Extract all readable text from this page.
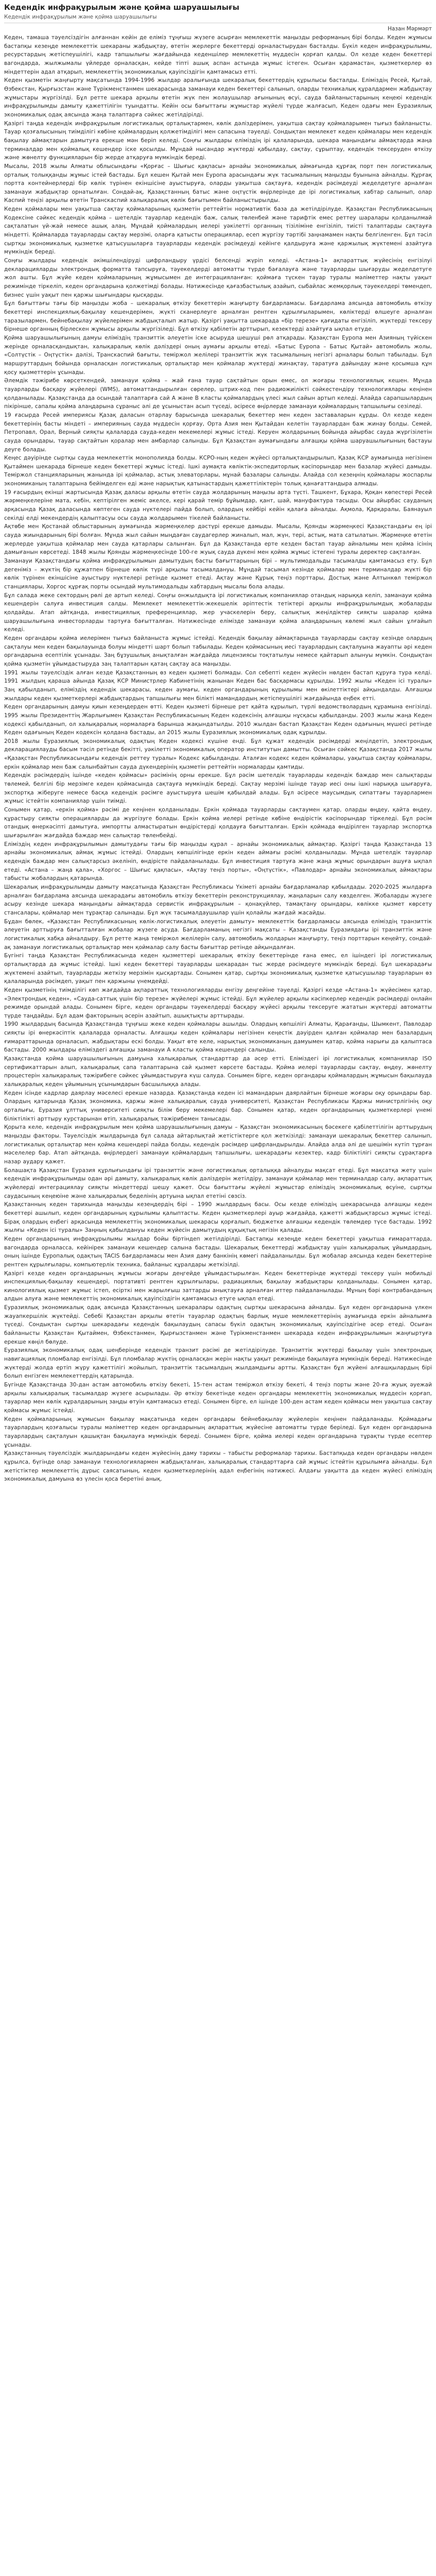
Кедендік инфрақұрылым және қойма шаруашылығы
Кедендік инфрақұрылым және қойма шаруашылығы
Назан Мәрмәрт

Кеден, тамаша тәуелсіздігін алғаннан кейін де еліміз тұңғыш жүзегe асырған мемлекеттік маңызды реформаның бірі болды. Кеден жұмысы бастапқы кезеңде мемлекеттік шекараны жабдықтау, өтетін жерлерге бекеттерді орналастырудан басталды. Бүкіл кеден инфрақұрылымы, ресурстардың жетіспеушілігі, кадр тапшылығы жағдайында кеденшілер мемлекеттің мүддесін қорғап қалды. Ол кезде кеден бекеттері вагондарда, жылжымалы үйлерде орналасқан, кейде тіпті ашық аспан астында жұмыс істеген. Осыған қарамастан, қызметкерлер өз міндеттерін адал атқарып, мемлекеттің экономикалық қауіпсіздігін қамтамасыз етті.

Кеден қызметін жаңғырту мақсатында 1994-1996 жылдар аралығында шекаралық бекеттердің құрылысы басталды. Еліміздің Ресей, Қытай, Өзбекстан, Қырғызстан және Түрікменстанмен шекарасында заманауи кеден бекеттері салынып, оларды техникалық құралдармен жабдықтау жұмыстары жүргізілді. Бұл ретте шекара арқылы өтетін жүк пен жолаушылар ағынының өсуі, сауда байланыстарының кеңеюі кедендік инфрақұрылымды дамыту қажеттілігін туындатты. Кейін осы бағыттағы жұмыстар жүйелі түрде жалғасып, Кеден одағы мен Еуразиялық экономикалық одақ аясында жаңа талаптарға сәйкес жетілдірілді.

Қазіргі таңда кедендік инфрақұрылым логистикалық орталықтармен, көлік дәліздерімен, уақытша сақтау қоймаларымен тығыз байланысты. Тауар қозғалысының тиімділігі көбіне қоймалардың қолжетімділігі мен сапасына тәуелді. Сондықтан мемлекет кеден қоймалары мен кедендік бақылау аймақтарын дамытуға ерекше мән беріп келеді. Соңғы жылдары еліміздің ірі қалаларында, шекара маңындағы аймақтарда жаңа терминалдар мен қоймалық кешендер іске қосылды. Мұндай нысандар жүктерді қабылдау, сақтау, сұрыптау, кедендік тексеруден өткізу және жөнелту функцияларын бір жерде атқаруға мүмкіндік береді.

Мысалы, 2018 жылы Алматы облысындағы «Қорғас – Шығыс қақпасы» арнайы экономикалық аймағында құрғақ порт пен логистикалық орталық толыққанды жұмыс істей бастады. Бұл кешен Қытай мен Еуропа арасындағы жүк тасымалының маңызды буынына айналды. Құрғақ портта контейнерлерді бір көлік түрінен екіншісіне ауыстыруға, оларды уақытша сақтауға, кедендік рәсімдеуді жеделдетуге арналған заманауи жабдықтар орнатылған. Сондай-ақ, Қазақстанның батыс және оңтүстік өңірлерінде де ірі логистикалық хабтар салынып, олар Каспий теңізі арқылы өтетін Транскаспий халықаралық көлік бағытымен байланыстырылды.

Кеден қоймалары мен уақытша сақтау қоймаларының қызметін реттейтін нормативтік база да жетілдірілуде. Қазақстан Республикасының Кодексіне сәйкес кедендік қойма – шетелдік тауарлар кедендік баж, салық төленбей және тарифтік емес реттеу шаралары қолданылмай сақталатын үй-жай немесе ашық алаң. Мұндай қоймалардың иелері уәкілетті органның тізіліміне енгізіліп, тиісті талаптарды сақтауға міндетті. Қоймаларда тауарларды сақтау мерзімі, оларға қатысты операциялар, есеп жүргізу тәртібі заңнамамен нақты белгіленген. Бұл тәсіл сыртқы экономикалық қызметке қатысушыларға тауарларды кедендік рәсімдеуді кейінге қалдыруға және қаржылық жүктемені азайтуға мүмкіндік береді.

Соңғы жылдары кедендік әкімшілендіруді цифрландыру үрдісі белсенді жүріп келеді. «Астана-1» ақпараттық жүйесінің енгізілуі декларацияларды электрондық форматта тапсыруға, тәуекелдерді автоматты түрде бағалауға және тауарларды шығаруды жеделдетуге жол ашты. Бұл жүйе кеден қоймаларының жұмысымен де интеграцияланған: қоймаға түскен тауар туралы мәліметтер нақты уақыт режимінде тіркеліп, кеден органдарына қолжетімді болады. Нәтижесінде қағазбастылық азайып, сыбайлас жемқорлық тәуекелдері төмендеп, бизнес үшін уақыт пен қаржы шығындары қысқарды.

Бұл бағыттағы тағы бір маңызды жоба – шекаралық өткізу бекеттерін жаңғырту бағдарламасы. Бағдарлама аясында автомобиль өткізу бекеттері инспекциялық-бақылау кешендерімен, жүкті сканерлеуге арналған рентген құрылғыларымен, көліктерді өлшеуге арналған таразылармен, бейнебақылау жүйелерімен жабдықталып жатыр. Қазіргі уақытта шекарада «бір терезе» қағидаты енгізіліп, жүктерді тексеру бірнеше органның бірлескен жұмысы арқылы жүргізіледі. Бұл өткізу қабілетін арттырып, кезектерді азайтуға ықпал етуде.

Қойма шаруашылығының дамуы еліміздің транзиттік әлеуетін іске асыруда шешуші рөл атқарады. Қазақстан Еуропа мен Азияның түйіскен жерінде орналасқандықтан, халықаралық көлік дәліздері оның аумағы арқылы өтеді. «Батыс Еуропа – Батыс Қытай» автомобиль жолы, «Солтүстік – Оңтүстік» дәлізі, Транскаспий бағыты, теміржол желілері транзиттік жүк тасымалының негізгі арналары болып табылады. Бұл маршруттардың бойында орналасқан логистикалық орталықтар мен қоймалар жүктерді жинақтау, таратуға дайындау және қосымша құн қосу қызметтерін ұсынады.

Әлемдік тәжірибе көрсеткендей, заманауи қойма – жай ғана тауар сақтайтын орын емес, ол жоғары технологиялық кешен. Мұнда тауарларды басқару жүйелері (WMS), автоматтандырылған сөрелер, штрих-код пен радиожиілікті сәйкестендіру технологиялары кеңінен қолданылады. Қазақстанда да осындай талаптарға сай А және В класты қоймалардың үлесі жыл сайын артып келеді. Алайда сарапшылардың пікірінше, сапалы қойма алаңдарына сұраныс әлі де ұсыныстан асып түседі, әсіресе өңірлерде заманауи қоймалардың тапшылығы сезіледі.

19 ғасырда Ресей империясы Қазақ даласын отарлау барысында шекаралық бекеттер мен кеден заставаларын құрды. Ол кезде кеден бекеттерінің басты міндеті – империяның сауда мүддесін қорғау, Орта Азия мен Қытайдан келетін тауарлардан баж жинау болды. Семей, Петропавл, Орал, Верный сияқты қалаларда сауда-кеден мекемелері жұмыс істеді. Керуен жолдарының бойында айырбас сауда жүргізілетін сауда орындары, тауар сақтайтын қоралар мен амбарлар салынды. Бұл Қазақстан аумағындағы алғашқы қойма шаруашылығының бастауы деуге болады.

Кеңес дәуірінде сыртқы сауда мемлекеттік монополияда болды. КСРО-ның кеден жүйесі орталықтандырылып, Қазақ КСР аумағында негізінен Қытаймен шекарада бірнеше кеден бекеттері жұмыс істеді. Ішкі аумақта көліктік-экспедиторлық кәсіпорындар мен базалар жүйесі дамыды. Теміржол станцияларының жанында ірі қоймалар, астық элеваторлары, мұнай базалары салынды. Алайда сол кезеңнің қоймалары жоспарлы экономиканың талаптарына бейімделген еді және нарықтық қатынастардың қажеттіліктерін толық қанағаттандыра алмады.

19 ғасырдың екінші жартысында Қазақ даласы арқылы өтетін сауда жолдарының маңызы арта түсті. Ташкент, Бұхара, Қоқан көпестері Ресей жәрмеңкелеріне мата, кебін, кептірілген жеміс әкелсе, кері қарай темір бұйымдар, қант, шай, мануфактура тасыды. Осы айырбас сауданың арқасында Қазақ даласында көптеген сауда нүктелері пайда болып, олардың кейбірі кейін қалаға айналды. Ақмола, Қарқаралы, Баянауыл секілді елді мекендердің қалыптасуы осы сауда жолдарымен тікелей байланысты.

Ақтөбе мен Қостанай облыстарының аумағында жәрмеңкелер дәстүрі ерекше дамыды. Мысалы, Қоянды жәрмеңкесі Қазақстандағы ең ірі сауда жиындарының бірі болған. Мұнда жыл сайын мыңдаған саудагерлер жиналып, мал, жүн, тері, астық, мата сатылатын. Жәрмеңке өтетін жерлерде уақытша қоймалар мен сауда қатарлары салынған. Бұл да Қазақстанда ерте кезден бастап тауар айналымы мен қойма ісінің дамығанын көрсетеді. 1848 жылы Қоянды жәрмеңкесінде 100-ге жуық сауда дүкені мен қойма жұмыс істегені туралы деректер сақталған.

Заманауи Қазақстандағы қойма инфрақұрылымын дамытудың басты бағыттарының бірі – мультимодальды тасымалды қамтамасыз ету. Бұл дегеніміз – жүктің бір құжатпен бірнеше көлік түрі арқылы тасымалдануы. Мұндай тасымал кезінде қоймалар мен терминалдар жүкті бір көлік түрінен екіншісіне ауыстыру нүктелері ретінде қызмет етеді. Ақтау және Құрық теңіз порттары, Достық және Алтынкөл теміржол станциялары, Хоргос құрғақ порты осындай мультимодальды хабтардың мысалы бола алады.

Бұл салада жеке сектордың рөлі де артып келеді. Соңғы онжылдықта ірі логистикалық компаниялар отандық нарыққа келіп, заманауи қойма кешендерін салуға инвестиция салды. Мемлекет мемлекеттік-жекешелік әріптестік тетіктері арқылы инфрақұрылымдық жобаларды қолдайды. Атап айтқанда, инвестициялық преференциялар, жер учаскелерін беру, салықтық жеңілдіктер сияқты шаралар қойма шаруашылығына инвесторларды тартуға бағытталған. Нәтижесінде елімізде заманауи қойма алаңдарының көлемі жыл сайын ұлғайып келеді.

Кеден органдары қойма иелерімен тығыз байланыста жұмыс істейді. Кедендік бақылау аймақтарында тауарларды сақтау кезінде олардың сақталуы мен кеден бақылауында болуы міндетті шарт болып табылады. Кеден қоймасының иесі тауарлардың сақталуына жауапты әрі кеден органдарына есептілік ұсынады. Заң бұзушылық анықталған жағдайда лицензиясы тоқтатылуы немесе қайтарып алынуы мүмкін. Сондықтан қойма қызметін ұйымдастыруда заң талаптарын қатаң сақтау аса маңызды.

1991 жылы тәуелсіздік алған кезде Қазақстанның өз кеден қызметі болмады. Сол себепті кеден жүйесін нөлден бастап құруға тура келді. 1991 жылдың қараша айында Қазақ КСР Министрлер Кабинетінің жанынан Кеден бас басқармасы құрылды. 1992 жылы «Кеден ісі туралы» Заң қабылданып, еліміздің кедендік шекарасы, кеден аумағы, кеден органдарының құрылымы мен өкілеттіктері айқындалды. Алғашқы жылдары кеден қызметкерлері жабдықтардың тапшылығы мен білікті мамандардың жетіспеушілігі жағдайында еңбек етті.

Кеден органдарының дамуы қиын кезеңдерден өтті. Кеден қызметі бірнеше рет қайта құрылып, түрлі ведомстволардың құрамына енгізілді. 1995 жылы Президенттің Жарлығымен Қазақстан Республикасының Кеден кодексінің алғашқы нұсқасы қабылданды. 2003 жылы жаңа Кеден кодексі қабылданып, ол халықаралық нормаларға барынша жақындатылды. 2010 жылдан бастап Қазақстан Кеден одағының мүшесі ретінде Кеден одағының Кеден кодексін қолдана бастады, ал 2015 жылы Еуразиялық экономикалық одақ құрылды.

2018 жылы Еуразиялық экономикалық одақтың Кеден кодексі күшіне енді. Бұл құжат кедендік рәсімдерді жеңілдетіп, электрондық декларациялауды басым тәсіл ретінде бекітті, уәкілетті экономикалық оператор институтын дамытты. Осыған сәйкес Қазақстанда 2017 жылы «Қазақстан Республикасындағы кедендік реттеу туралы» Кодекс қабылданды. Аталған кодекс кеден қоймалары, уақытша сақтау қоймалары, еркін қоймалар мен баж салынбайтын сауда дүкендерінің қызметін реттейтін нормаларды қамтиды.

Кедендік рәсімдердің ішінде «кеден қоймасы» рәсімінің орны ерекше. Бұл рәсім шетелдік тауарларды кедендік баждар мен салықтарды төлемей, белгілі бір мерзімге кеден қоймасында сақтауға мүмкіндік береді. Сақтау мерзімі ішінде тауар иесі оны ішкі нарыққа шығаруға, экспортқа жіберуге немесе басқа кедендік рәсімге ауыстыруға шешім қабылдай алады. Бұл әсіресе маусымдық сипаттағы тауарлармен жұмыс істейтін компаниялар үшін тиімді.

Сонымен қатар, «еркін қойма» рәсімі де кеңінен қолданылады. Еркін қоймада тауарларды сақтаумен қатар, оларды өңдеу, қайта өңдеу, құрастыру сияқты операцияларды да жүргізуге болады. Еркін қойма иелері ретінде көбіне өндірістік кәсіпорындар тіркеледі. Бұл рәсім отандық өнеркәсіпті дамытуға, импортты алмастыратын өндірістерді қолдауға бағытталған. Еркін қоймада өндірілген тауарлар экспортқа шығарылған жағдайда баждар мен салықтар төленбейді.

Еліміздің кеден инфрақұрылымын дамытудағы тағы бір маңызды құрал – арнайы экономикалық аймақтар. Қазіргі таңда Қазақстанда 13 арнайы экономикалық аймақ жұмыс істейді. Олардың көпшілігінде еркін кеден аймағы рәсімі қолданылады. Мұнда шетелдік тауарлар кедендік баждар мен салықтарсыз әкелініп, өндірісте пайдаланылады. Бұл инвестиция тартуға және жаңа жұмыс орындарын ашуға ықпал етеді. «Астана – жаңа қала», «Хоргос – Шығыс қақпасы», «Ақтау теңіз порты», «Оңтүстік», «Павлодар» арнайы экономикалық аймақтары табысты жобалардың қатарында.

Шекаралық инфрақұрылымды дамыту мақсатында Қазақстан Республикасы Үкіметі арнайы бағдарламалар қабылдады. 2020-2025 жылдарға арналған бағдарлама аясында шекарадағы автомобиль өткізу бекеттерін реконструкциялау, жаңаларын салу көзделген. Жобаларды жүзеге асыру кезінде шекара маңындағы аймақтарда сервистік инфрақұрылым – қонақүйлер, тамақтану орындары, көлікке қызмет көрсету стансалары, қоймалар мен тұрақтар салынады. Бұл жүк тасымалдаушылар үшін қолайлы жағдай жасайды.

Бұдан бөлек, «Қазақстан Республикасының көлік-логистикалық әлеуетін дамыту» мемлекеттік бағдарламасы аясында еліміздің транзиттік әлеуетін арттыруға бағытталған жобалар жүзеге асуда. Бағдарламаның негізгі мақсаты – Қазақстанды Еуразиядағы ірі транзиттік және логистикалық хабқа айналдыру. Бұл ретте жаңа теміржол желілерін салу, автомобиль жолдарын жаңғырту, теңіз порттарын кеңейту, сондай-ақ заманауи логистикалық орталықтар мен қоймалар салу басты бағыттар ретінде айқындалған.

Бүгінгі таңда Қазақстан Республикасында кеден қызметтері шекаралық өткізу бекеттерінде ғана емес, ел ішіндегі ірі логистикалық орталықтарда да жұмыс істейді. Ішкі кеден бекеттері тауарларды шекарадан тыс жерде рәсімдеуге мүмкіндік береді. Бұл шекарадағы жүктемені азайтып, тауарларды жеткізу мерзімін қысқартады. Сонымен қатар, сыртқы экономикалық қызметке қатысушылар тауарларын өз қалаларында рәсімдеп, уақыт пен қаржыны үнемдейді.

Кеден қызметінің тиімділігі көп жағдайда ақпараттық технологияларды енгізу деңгейіне тәуелді. Қазіргі кезде «Астана-1» жүйесімен қатар, «Электрондық кеден», «Сауда-саттық үшін бір терезе» жүйелері жұмыс істейді. Бұл жүйелер арқылы кәсіпкерлер кедендік рәсімдерді онлайн режимде орындай алады. Сонымен бірге, кеден органдары тәуекелдерді басқару жүйесі арқылы тексеруге жататын жүктерді автоматты түрде таңдайды. Бұл адам факторының әсерін азайтып, ашықтықты арттырады.

1990 жылдардың басында Қазақстанда тұңғыш жеке кеден қоймалары ашылды. Олардың көпшілігі Алматы, Қарағанды, Шымкент, Павлодар сияқты ірі өнеркәсіптік қалаларда орналасты. Алғашқы кеден қоймалары негізінен кеңестік дәуірден қалған қоймалар мен базалардың ғимараттарында орналасып, жабдықтары ескі болды. Уақыт өте келе, нарықтық экономиканың дамуымен қатар, қойма нарығы да қалыптаса бастады. 2000 жылдары еліміздегі алғашқы заманауи А класты қойма кешендері салынды.

Қазақстанда қойма шаруашылығының дамуына халықаралық стандарттар да әсер етті. Еліміздегі ірі логистикалық компаниялар ISO сертификаттарын алып, халықаралық сапа талаптарына сай қызмет көрсете бастады. Қойма иелері тауарларды сақтау, өңдеу, жөнелту процестерін халықаралық тәжірибеге сәйкес ұйымдастыруға күш салуда. Сонымен бірге, кеден органдары қоймалардың жұмысын бақылауда халықаралық кеден ұйымының ұсынымдарын басшылыққа алады.

Кеден ісінде кадрлар даярлау мәселесі ерекше назарда. Қазақстанда кеден ісі мамандарын даярлайтын бірнеше жоғары оқу орындары бар. Олардың қатарында Қазақ экономика, қаржы және халықаралық сауда университеті, Қазақстан Республикасы Қаржы министрлігінің оқу орталығы, Еуразия ұлттық университеті сияқты білім беру мекемелері бар. Сонымен қатар, кеден органдарының қызметкерлері үнемі біліктілікті арттыру курстарынан өтіп, халықаралық тәжірибемен танысады.

Қорыта келе, кедендік инфрақұрылым мен қойма шаруашылығының дамуы – Қазақстан экономикасының бәсекеге қабілеттілігін арттырудың маңызды факторы. Тәуелсіздік жылдарында бұл салада айтарлықтай жетістіктерге қол жеткізілді: заманауи шекаралық бекеттер салынып, логистикалық орталықтар мен қойма кешендері пайда болды, кедендік рәсімдер цифрландырылды. Алайда алда әлі де шешімін күтіп тұрған мәселелер бар. Атап айтқанда, өңірлердегі заманауи қоймалардың тапшылығы, шекарадағы кезектер, кадр біліктілігі сияқты сұрақтарға назар аудару қажет.

Болашақта Қазақстан Еуразия құрлығындағы ірі транзиттік және логистикалық орталыққа айналуды мақсат етеді. Бұл мақсатқа жету үшін кедендік инфрақұрылымды одан әрі дамыту, халықаралық көлік дәліздерін жетілдіру, заманауи қоймалар мен терминалдар салу, ақпараттық жүйелерді интеграциялау сияқты міндеттерді шешу қажет. Осы бағыттағы жүйелі жұмыстар еліміздің экономикалық өсуіне, сыртқы саудасының кеңеюіне және халықаралық беделінің артуына ықпал ететіні сөзсіз.

Қазақстанның кеден тарихында маңызды кезеңдердің бірі – 1990 жылдардың басы. Осы кезде еліміздің шекарасында алғашқы кеден бекеттері ашылып, кеден органдарының құрылымы қалыптасты. Кеден қызметкерлері ауыр жағдайда, қажетті жабдықтарсыз жұмыс істеді. Бірақ олардың еңбегі арқасында мемлекеттің экономикалық шекарасы қорғалып, бюджетке алғашқы кедендік төлемдер түсе бастады. 1992 жылғы «Кеден ісі туралы» Заңның қабылдануы кеден жүйесін дамытудың құқықтық негізін қалады.

Кеден органдарының инфрақұрылымы жылдар бойы біртіндеп жетілдірілді. Бастапқы кезеңде кеден бекеттері уақытша ғимараттарда, вагондарда орналасса, кейінірек заманауи кешендер салына бастады. Шекаралық бекеттерді жабдықтау үшін халықаралық ұйымдардың, оның ішінде Еуропалық одақтың TACIS бағдарламасы мен Азия даму банкінің көмегі пайдаланылды. Бұл жобалар аясында кеден бекеттеріне рентген құрылғылары, компьютерлік техника, байланыс құралдары жеткізілді.

Қазіргі кезде кеден органдарының жұмысы жоғары деңгейде ұйымдастырылған. Кеден бекеттерінде жүктерді тексеру үшін мобильді инспекциялық-бақылау кешендері, портативті рентген құрылғылары, радиациялық бақылау жабдықтары қолданылады. Сонымен қатар, кинологиялық қызмет жұмыс істеп, есірткі мен жарылғыш заттарды анықтауға арналған иттер пайдаланылады. Мұның бәрі контрабанданың алдын алуға және мемлекеттің экономикалық қауіпсіздігін қамтамасыз етуге ықпал етеді.

Еуразиялық экономикалық одақ аясында Қазақстанның шекаралары одақтың сыртқы шекарасына айналды. Бұл кеден органдарына үлкен жауапкершілік жүктейді. Себебі Қазақстан арқылы өтетін тауарлар одақтың барлық мүше мемлекеттерінің аумағында еркін айналымға түседі. Сондықтан сыртқы шекарадағы кедендік бақылаудың сапасы бүкіл одақтың экономикалық қауіпсіздігіне әсер етеді. Осыған байланысты Қазақстан Қытаймен, Өзбекстанмен, Қырғызстанмен және Түрікменстанмен шекарада кеден инфрақұрылымын жаңғыртуға ерекше көңіл бөлуде.

Еуразиялық экономикалық одақ шеңберінде кедендік транзит рәсімі де жетілдірілуде. Транзиттік жүктерді бақылау үшін электрондық навигациялық пломбалар енгізілді. Бұл пломбалар жүктің орналасқан жерін нақты уақыт режимінде бақылауға мүмкіндік береді. Нәтижесінде жүктерді жолда ертіп жүру қажеттілігі жойылып, транзиттік тасымалдың жылдамдығы артты. Қазақстан бұл жүйені алғашқылардың бірі болып енгізген мемлекеттердің қатарында.

Бүгінде Қазақстанда 30-дан астам автомобиль өткізу бекеті, 15-тен астам теміржол өткізу бекеті, 4 теңіз порты және 20-ға жуық әуежай арқылы халықаралық тасымалдар жүзеге асырылады. Әр өткізу бекетінде кеден органдары мемлекеттің экономикалық мүддесін қорғап, тауарлар мен көлік құралдарының заңды өтуін қамтамасыз етеді. Сонымен бірге, ел ішінде 100-ден астам кеден қоймасы мен уақытша сақтау қоймасы жұмыс істейді.

Кеден қоймаларының жұмысын бақылау мақсатында кеден органдары бейнебақылау жүйелерін кеңінен пайдаланады. Қоймадағы тауарлардың қозғалысы туралы мәліметтер кеден органдарының ақпараттық жүйесіне автоматты түрде беріледі. Бұл кеден органдарына тауарлардың сақталуын қашықтан бақылауға мүмкіндік береді. Сонымен бірге, қойма иелері кеден органдарына тұрақты түрде есептер ұсынады.

Қазақстанның тәуелсіздік жылдарындағы кеден жүйесінің даму тарихы – табысты реформалар тарихы. Бастапқыда кеден органдары нөлден құрылса, бүгінде олар заманауи технологиялармен жабдықталған, халықаралық стандарттарға сай жұмыс істейтін құрылымға айналды. Бұл жетістіктер мемлекеттің дұрыс саясатының, кеден қызметкерлерінің адал еңбегінің нәтижесі. Алдағы уақытта да кеден жүйесі еліміздің экономикалық дамуына өз үлесін қоса беретіні анық.
